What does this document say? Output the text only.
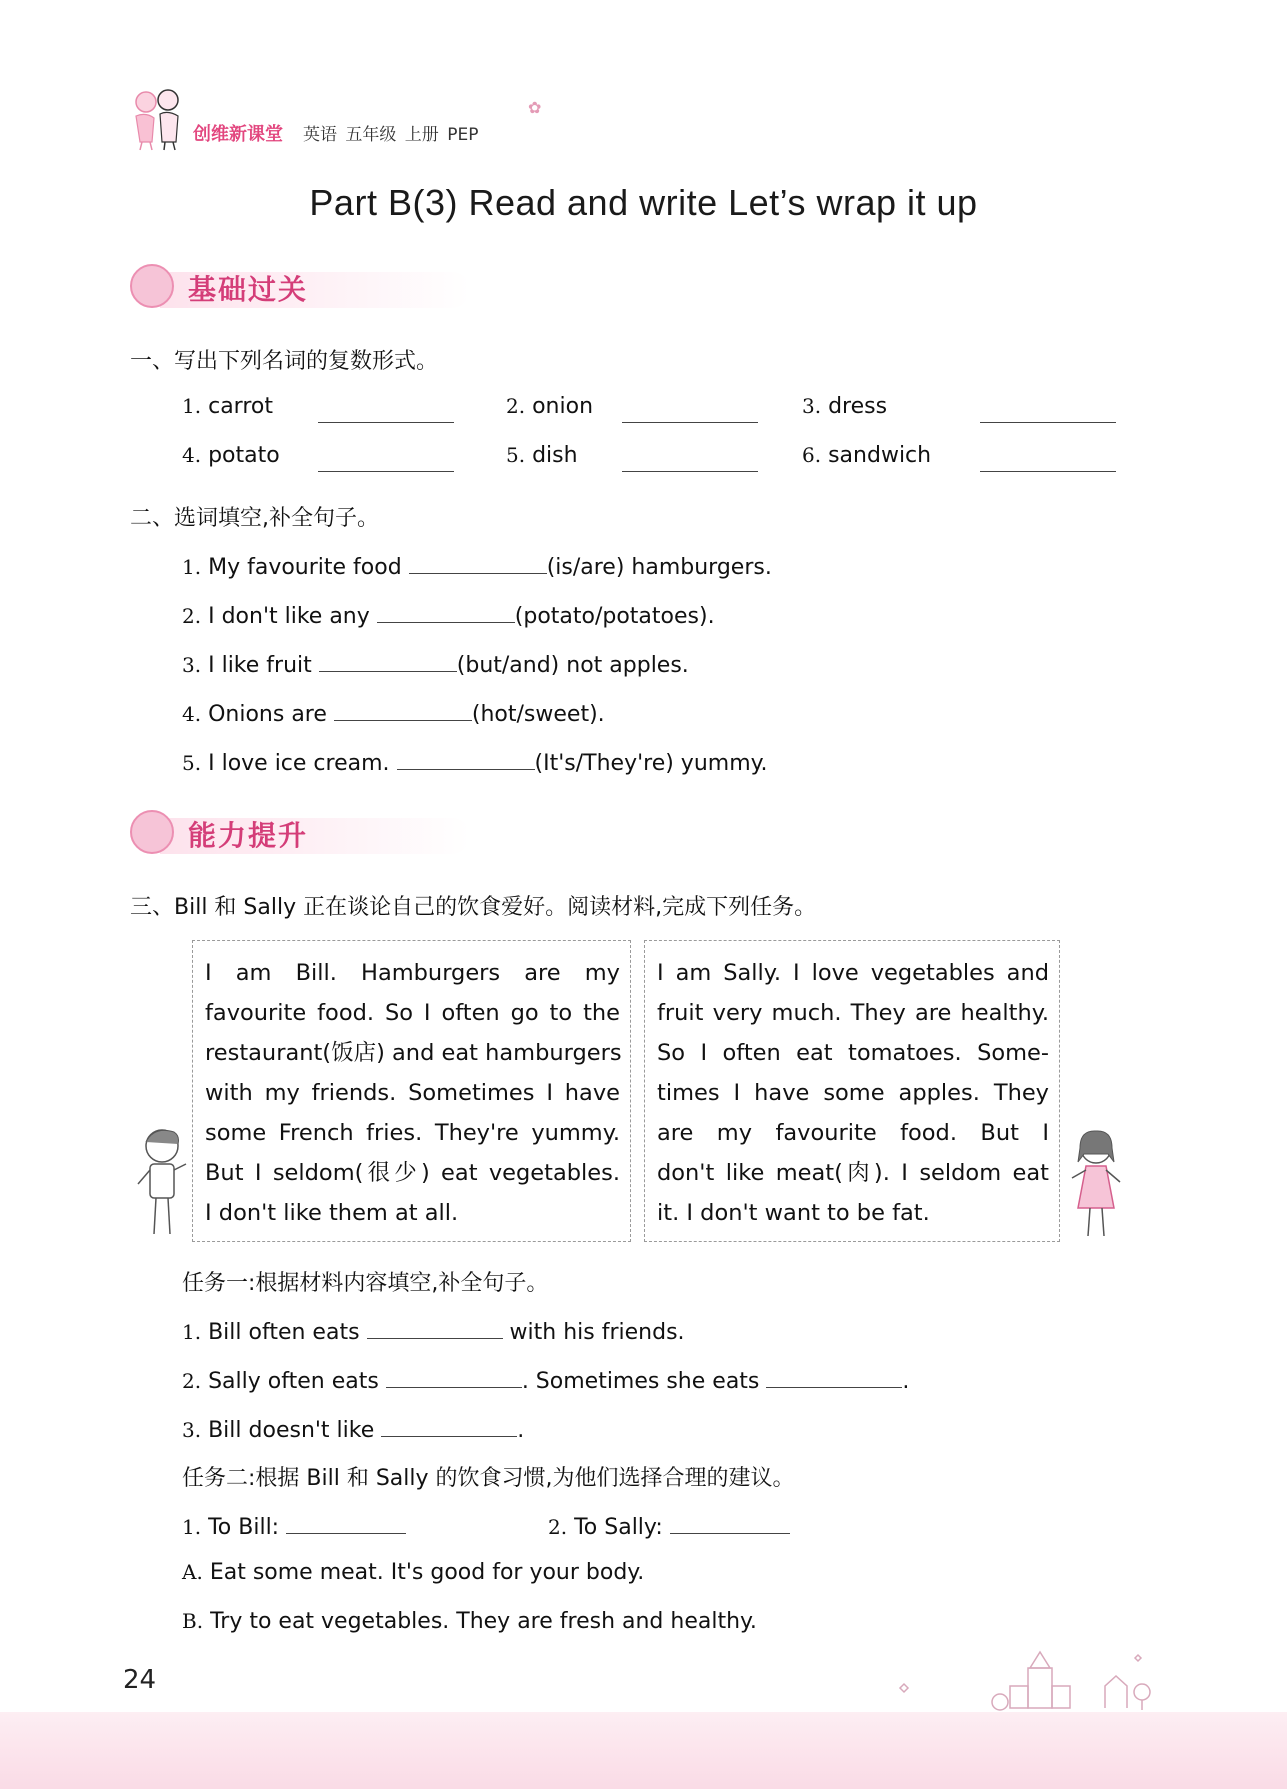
创维新课堂 英语 五年级 上册 PEP
✿
Part B(3) Read and write Let’s wrap it up
基础过关
一、写出下列名词的复数形式。
1. carrot	2. onion	3. dress
4. potato	5. dish	6. sandwich
二、选词填空,补全句子。
1. My favourite food	(is/are) hamburgers.
2. I don't like any	(potato/potatoes).
3. I like fruit	(but/and) not apples.
4. Onions are	(hot/sweet).
5. I love ice cream.	(It's/They're) yummy.
能力提升
三、Bill 和 Sally 正在谈论自己的饮食爱好。阅读材料,完成下列任务。
I am Bill. Hamburgers are my
favourite food. So I often go to the
restaurant(饭店) and eat hamburgers
with my friends. Sometimes I have
some French fries. They're yummy.
But I seldom(很少) eat vegetables.
I don't like them at all.
I am Sally. I love vegetables and
fruit very much. They are healthy.
So I often eat tomatoes. Some-
times I have some apples. They
are my favourite food. But I
don't like meat(肉). I seldom eat
it. I don't want to be fat.
任务一:根据材料内容填空,补全句子。
1. Bill often eats	with his friends.
2. Sally often eats	. Sometimes she eats	.
3. Bill doesn't like	.
任务二:根据 Bill 和 Sally 的饮食习惯,为他们选择合理的建议。
1. To Bill:	2. To Sally:
A. Eat some meat. It's good for your body.
B. Try to eat vegetables. They are fresh and healthy.
24
